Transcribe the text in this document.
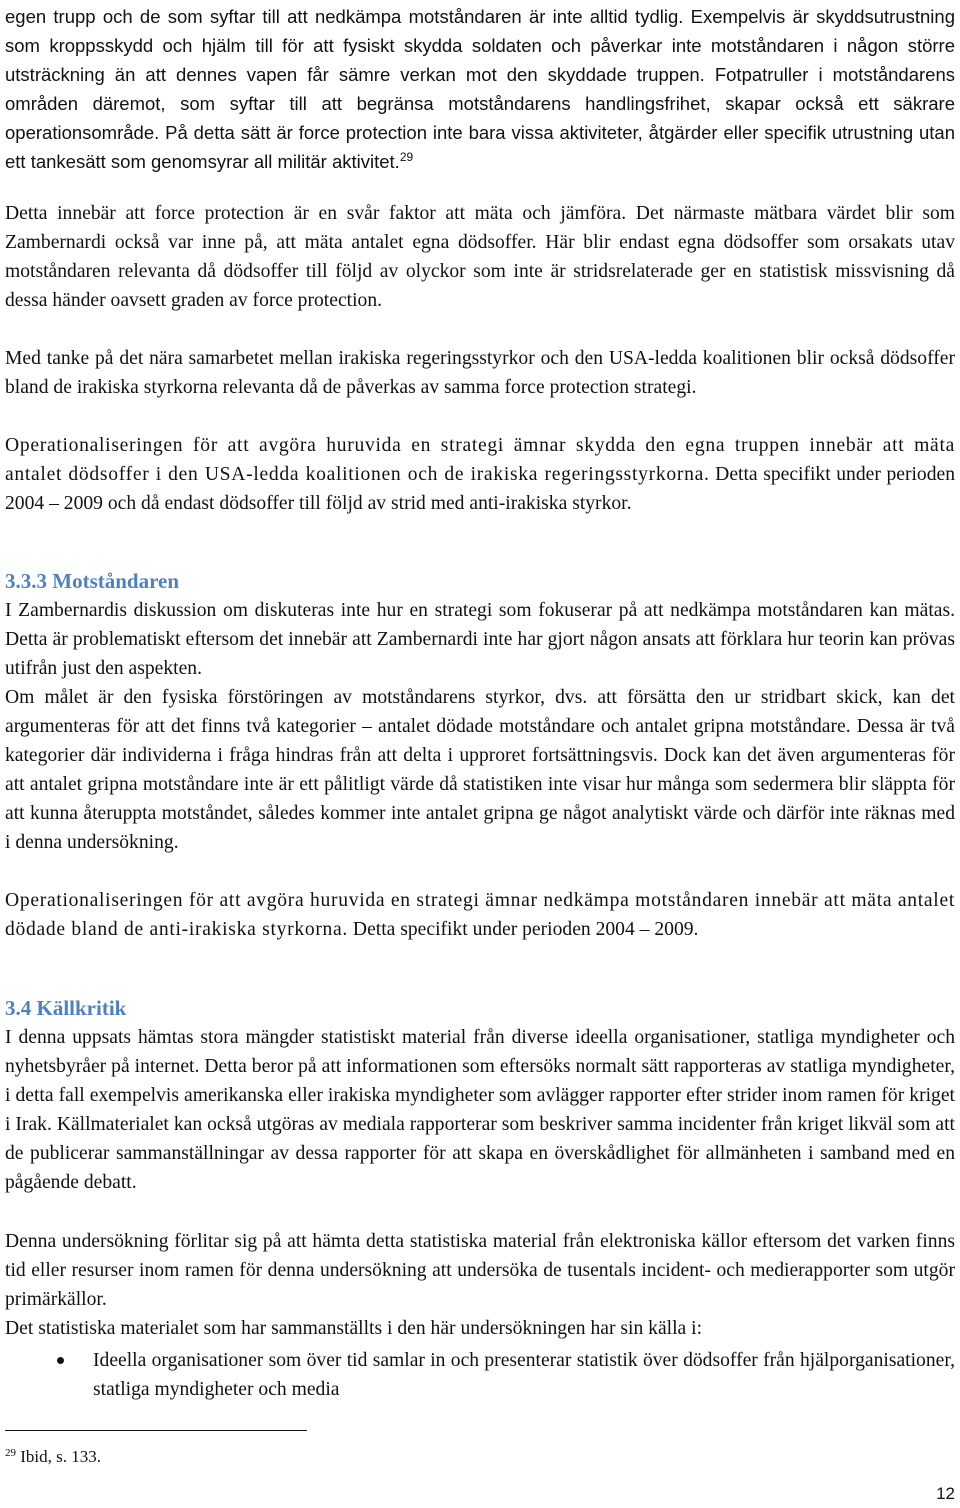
egen trupp och de som syftar till att nedkämpa motståndaren är inte alltid tydlig. Exempelvis är skyddsutrustning som kroppsskydd och hjälm till för att fysiskt skydda soldaten och påverkar inte motståndaren i någon större utsträckning än att dennes vapen får sämre verkan mot den skyddade truppen. Fotpatruller i motståndarens områden däremot, som syftar till att begränsa motståndarens handlingsfrihet, skapar också ett säkrare operationsområde. På detta sätt är force protection inte bara vissa aktiviteter, åtgärder eller specifik utrustning utan ett tankesätt som genomsyrar all militär aktivitet.$^{29}$

Detta innebär att force protection är en svår faktor att mäta och jämföra. Det närmaste mätbara värdet blir som Zambernardi också var inne på, att mäta antalet egna dödsoffer. Här blir endast egna dödsoffer som orsakats utav motståndaren relevanta då dödsoffer till följd av olyckor som inte är stridsrelaterade ger en statistisk missvisning då dessa händer oavsett graden av force protection.

Med tanke på det nära samarbetet mellan irakiska regeringsstyrkor och den USA-ledda koalitionen blir också dödsoffer bland de irakiska styrkorna relevanta då de påverkas av samma force protection strategi.

Operationaliseringen för att avgöra huruvida en strategi ämnar skydda den egna truppen innebär att mäta antalet dödsoffer i den USA-ledda koalitionen och de irakiska regeringsstyrkorna. Detta specifikt under perioden 2004 – 2009 och då endast dödsoffer till följd av strid med anti-irakiska styrkor.

3.3.3 Motståndaren

I Zambernardis diskussion om diskuteras inte hur en strategi som fokuserar på att nedkämpa motståndaren kan mätas. Detta är problematiskt eftersom det innebär att Zambernardi inte har gjort någon ansats att förklara hur teorin kan prövas utifrån just den aspekten.

Om målet är den fysiska förstöringen av motståndarens styrkor, dvs. att försätta den ur stridbart skick, kan det argumenteras för att det finns två kategorier – antalet dödade motståndare och antalet gripna motståndare. Dessa är två kategorier där individerna i fråga hindras från att delta i upproret fortsättningsvis. Dock kan det även argumenteras för att antalet gripna motståndare inte är ett pålitligt värde då statistiken inte visar hur många som sedermera blir släppta för att kunna återuppta motståndet, således kommer inte antalet gripna ge något analytiskt värde och därför inte räknas med i denna undersökning.

Operationaliseringen för att avgöra huruvida en strategi ämnar nedkämpa motståndaren innebär att mäta antalet dödade bland de anti-irakiska styrkorna. Detta specifikt under perioden 2004 – 2009.

3.4 Källkritik

I denna uppsats hämtas stora mängder statistiskt material från diverse ideella organisationer, statliga myndigheter och nyhetsbyråer på internet. Detta beror på att informationen som eftersöks normalt sätt rapporteras av statliga myndigheter, i detta fall exempelvis amerikanska eller irakiska myndigheter som avlägger rapporter efter strider inom ramen för kriget i Irak. Källmaterialet kan också utgöras av mediala rapporterar som beskriver samma incidenter från kriget likväl som att de publicerar sammanställningar av dessa rapporter för att skapa en överskådlighet för allmänheten i samband med en pågående debatt.

Denna undersökning förlitar sig på att hämta detta statistiska material från elektroniska källor eftersom det varken finns tid eller resurser inom ramen för denna undersökning att undersöka de tusentals incident- och medierapporter som utgör primärkällor.

Det statistiska materialet som har sammanställts i den här undersökningen har sin källa i:

Ideella organisationer som över tid samlar in och presenterar statistik över dödsoffer från hjälporganisationer, statliga myndigheter och media

$^{29}$ Ibid, s. 133.

12
